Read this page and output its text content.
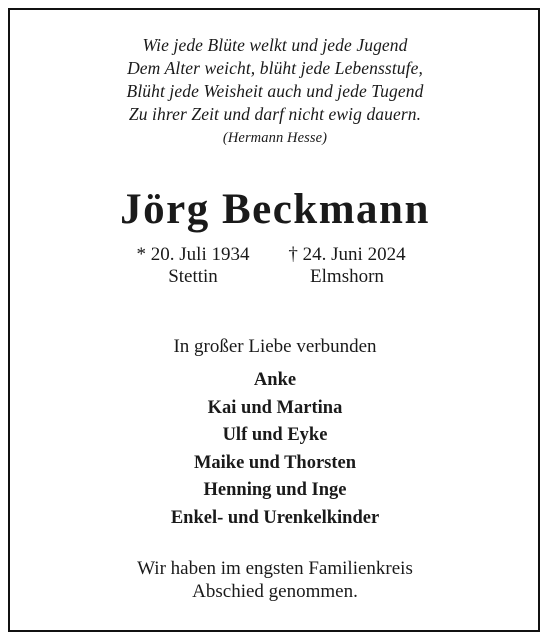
Wie jede Blüte welkt und jede Jugend
Dem Alter weicht, blüht jede Lebensstufe,
Blüht jede Weisheit auch und jede Tugend
Zu ihrer Zeit und darf nicht ewig dauern.
(Hermann Hesse)
Jörg Beckmann
* 20. Juli 1934
Stettin
† 24. Juni 2024
Elmshorn
In großer Liebe verbunden
Anke
Kai und Martina
Ulf und Eyke
Maike und Thorsten
Henning und Inge
Enkel- und Urenkelkinder
Wir haben im engsten Familienkreis
Abschied genommen.
